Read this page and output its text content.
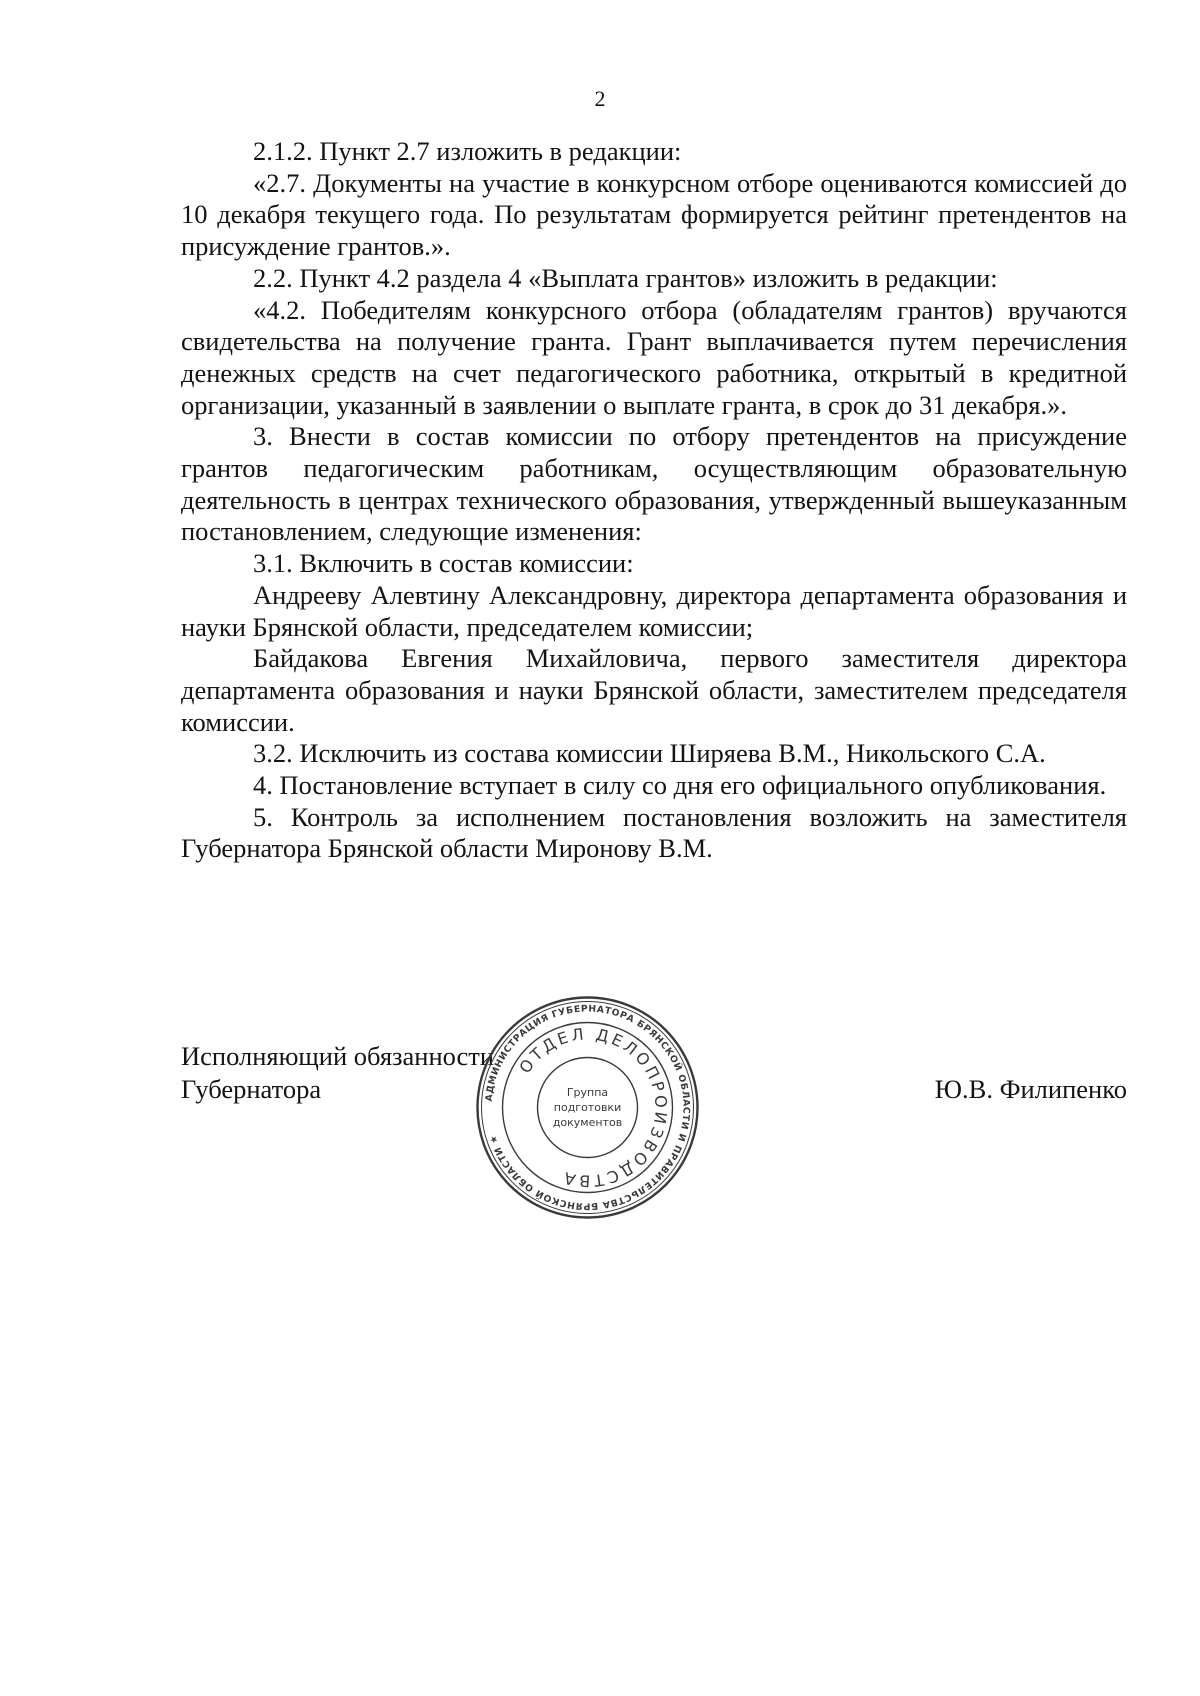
2

2.1.2. Пункт 2.7 изложить в редакции:

«2.7. Документы на участие в конкурсном отборе оцениваются комиссией до 10 декабря текущего года. По результатам формируется рейтинг претендентов на присуждение грантов.».

2.2. Пункт 4.2 раздела 4 «Выплата грантов» изложить в редакции:

«4.2. Победителям конкурсного отбора (обладателям грантов) вручаются свидетельства на получение гранта. Грант выплачивается путем перечисления денежных средств на счет педагогического работника, открытый в кредитной организации, указанный в заявлении о выплате гранта, в срок до 31 декабря.».

3. Внести в состав комиссии по отбору претендентов на присуждение грантов педагогическим работникам, осуществляющим образовательную деятельность в центрах технического образования, утвержденный вышеуказанным постановлением, следующие изменения:

3.1. Включить в состав комиссии:

Андрееву Алевтину Александровну, директора департамента образования и науки Брянской области, председателем комиссии;

Байдакова Евгения Михайловича, первого заместителя директора департамента образования и науки Брянской области, заместителем председателя комиссии.

3.2. Исключить из состава комиссии Ширяева В.М., Никольского С.А.

4. Постановление вступает в силу со дня его официального опубликования.

5. Контроль за исполнением постановления возложить на заместителя Губернатора Брянской области Миронову В.М.

Исполняющий обязанности
Губернатора	Ю.В. Филипенко
АДМИНИСТРАЦИЯ ГУБЕРНАТОРА БРЯНСКОЙ ОБЛАСТИ И ПРАВИТЕЛЬСТВА БРЯНСКОЙ ОБЛАСТИ ★
ОТДЕЛ ДЕЛОПРОИЗВОДСТВА
Группа
подготовки
документов
